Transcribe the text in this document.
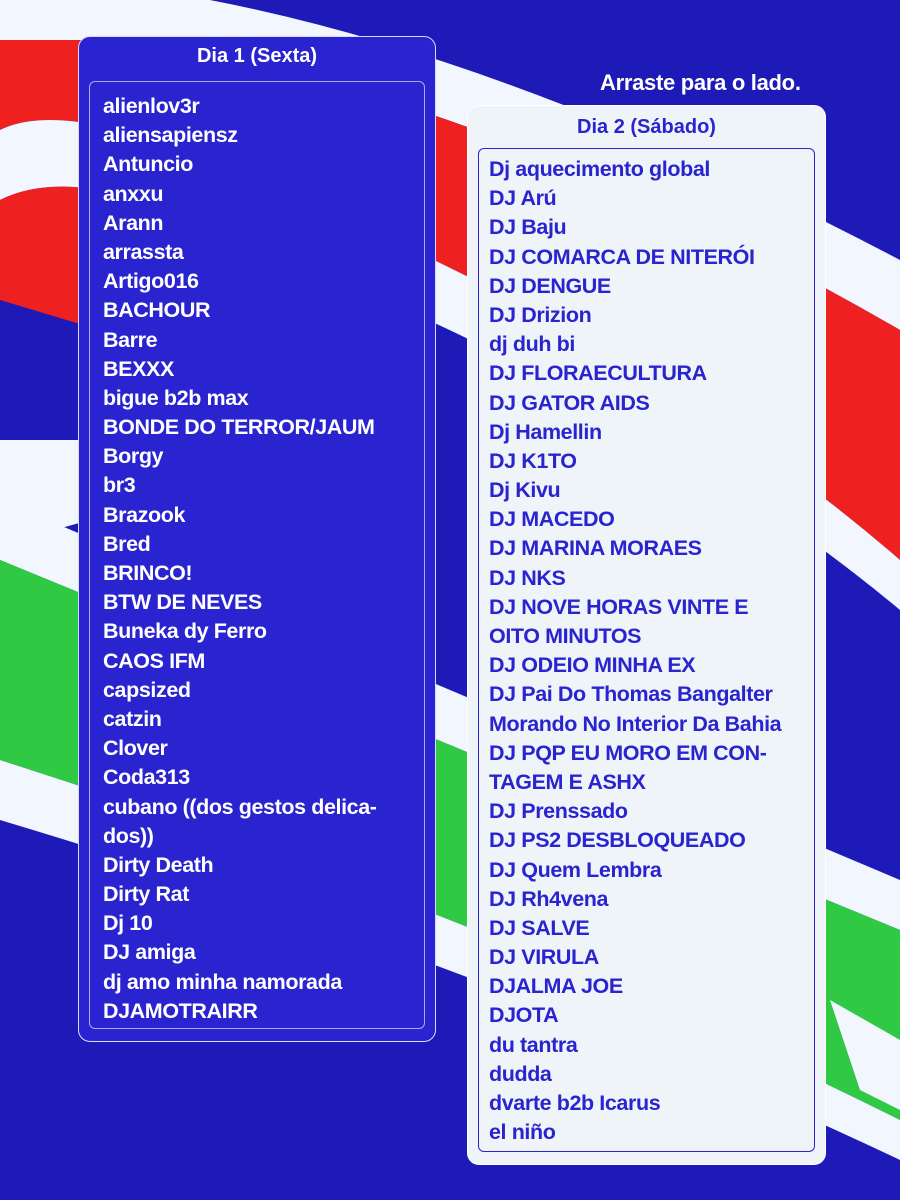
Arraste para o lado.
Dia 1 (Sexta)
alienlov3r
aliensapiensz
Antuncio
anxxu
Arann
arrassta
Artigo016
BACHOUR
Barre
BEXXX
bigue b2b max
BONDE DO TERROR/JAUM
Borgy
br3
Brazook
Bred
BRINCO!
BTW DE NEVES
Buneka dy Ferro
CAOS IFM
capsized
catzin
Clover
Coda313
cubano ((dos gestos delica-
dos))
Dirty Death
Dirty Rat
Dj 10
DJ amiga
dj amo minha namorada
DJAMOTRAIRR
Dia 2 (Sábado)
Dj aquecimento global
DJ Arú
DJ Baju
DJ COMARCA DE NITERÓI
DJ DENGUE
DJ Drizion
dj duh bi
DJ FLORAECULTURA
DJ GATOR AIDS
Dj Hamellin
DJ K1TO
Dj Kivu
DJ MACEDO
DJ MARINA MORAES
DJ NKS
DJ NOVE HORAS VINTE E
OITO MINUTOS
DJ ODEIO MINHA EX
DJ Pai Do Thomas Bangalter
Morando No Interior Da Bahia
DJ PQP EU MORO EM CON-
TAGEM E ASHX
DJ Prenssado
DJ PS2 DESBLOQUEADO
DJ Quem Lembra
DJ Rh4vena
DJ SALVE
DJ VIRULA
DJALMA JOE
DJOTA
du tantra
dudda
dvarte b2b Icarus
el niño
